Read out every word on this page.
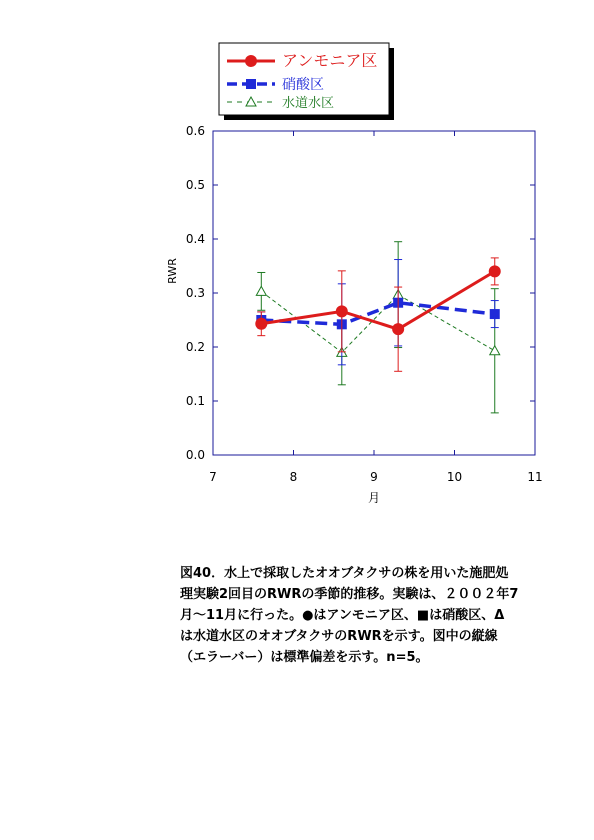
アンモニア区
硝酸区
水道水区
0.0
0.1
0.2
0.3
0.4
0.5
0.6
7	8	9	10	11
月
RWR
図40．水上で採取したオオブタクサの株を用いた施肥処
理実験2回目のRWRの季節的推移。実験は、２００２年7
月～11月に行った。●はアンモニア区、■は硝酸区、Δ
は水道水区のオオブタクサのRWRを示す。図中の縦線
（エラーバー）は標準偏差を示す。n=5。
